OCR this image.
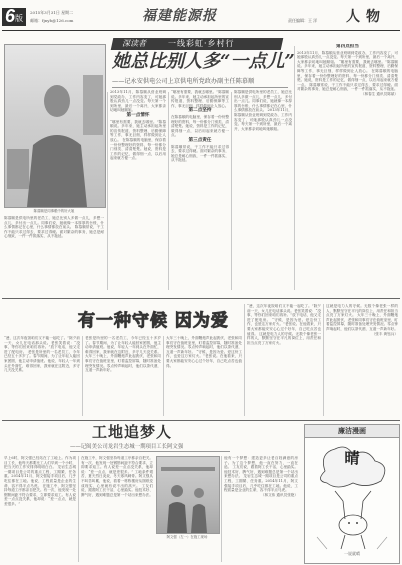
6 版
2015年3月31日 星期二
邮箱：fjnyb@126.com	福建能源报	责任编辑：王 洋 人物
深读者	一线彩虹·乡村行
她总比别人多“一点儿”
——记永安供电公司上京供电所党政办副主任陈慕顺
陈慕顺是同事眼中的好大姐
陈慕顺是供电所里的老员工，她总比别人多做一点儿，多想一点儿，多付出一点儿。同事们说，她就像一本厚厚的台账，什么事情都记在心里，什么事情都放在前头。 陈慕顺常说，干工作不能只求过得去，要求过得硬。面对繁杂的事务，她总是耐心细致，一件一件抓落实，从不拖延。
2013年11月，陈慕顺从营业班调到党政办，工作内容变了，可她那股认真劲儿一点没变。每天第一个到所里，最后一个离开，大家都亲切地叫她顺姐。
第一点情怀
“哪里有需要，我就去哪里。”陈慕顺说。多年来，她主动承担起所里的宣传报道、资料整理、后勤保障等工作，事无巨细，样样做到让人放心。 在陈慕顺的电脑里，保存着一份份整理好的资料，每一份都分门别类、清清楚楚。她说，资料是工作的记忆，做得细一点，以后用起来就方便一点。
“哪里有需要，我就去哪里。”陈慕顺说。多年来，她主动承担起所里的宣传报道、资料整理、后勤保障等工作，事无巨细，样样做到让人放心。
第二点坚持
在陈慕顺的电脑里，保存着一份份整理好的资料，每一份都分门别类、清清楚楚。她说，资料是工作的记忆，做得细一点，以后用起来就方便一点。
第三点责任
陈慕顺常说，干工作不能只求过得去，要求过得硬。面对繁杂的事务，她总是耐心细致，一件一件抓落实，从不拖延。
陈慕顺是供电所里的老员工，她总比别人多做一点儿，多想一点儿，多付出一点儿。同事们说，她就像一本厚厚的台账，什么事情都记在心里，什么事情都放在前头。 2013年11月，陈慕顺从营业班调到党政办，工作内容变了，可她那股认真劲儿一点没变。每天第一个到所里，最后一个离开，大家都亲切地叫她顺姐。
第四点担当
2013年11月，陈慕顺从营业班调到党政办，工作内容变了，可她那股认真劲儿一点没变。每天第一个到所里，最后一个离开，大家都亲切地叫她顺姐。 “哪里有需要，我就去哪里。”陈慕顺说。多年来，她主动承担起所里的宣传报道、资料整理、后勤保障等工作，事无巨细，样样做到让人放心。 在陈慕顺的电脑里，保存着一份份整理好的资料，每一份都分门别类、清清楚楚。她说，资料是工作的记忆，做得细一点，以后用起来就方便一点。 陈慕顺常说，干工作不能只求过得去，要求过得硬。面对繁杂的事务，她总是耐心细致，一件一件抓落实，从不拖延。
（林春生 通讯员陈斌）
有一种守候 因为爱
“爸，这次年夜饭咱们又不能一起吃了。”除夕前一天，女儿在电话那头说。老张笑着说：“没事，等你们回来咱们再补。”放下电话，他又走进了配电房。 老张是所里的一名老员工，今年已经五十多岁了。春节期间，为了让年轻人能回家团圆，他主动申请值班。他说，年轻人一年到头在外面忙，难得回家，我家就在这附近，多守几天没关系。
老张是所里的一名老员工，今年已经五十多岁了。春节期间，为了让年轻人能回家团圆，他主动申请值班。他说，年轻人一年到头在外面忙，难得回家，我家就在这附近，多守几天没关系。 大年三十晚上，外面鞭炮声此起彼伏，老张和同事们守在值班室里，盯着监控屏幕，随时准备处理突发情况。零点钟声响起时，他们以茶代酒，互道一声新年好。
大年三十晚上，外面鞭炮声此起彼伏，老张和同事们守在值班室里，盯着监控屏幕，随时准备处理突发情况。零点钟声响起时，他们以茶代酒，互道一声新年好。 “守候，是因为爱。爱这份工作，也爱这万家灯火。”老张说。在他看来，只要大家都能安安心心过个好年，自己吃点苦也值得。
“爸，这次年夜饭咱们又不能一起吃了。”除夕前一天，女儿在电话那头说。老张笑着说：“没事，等你们回来咱们再补。”放下电话，他又走进了配电房。 “守候，是因为爱。爱这份工作，也爱这万家灯火。”老张说。在他看来，只要大家都能安安心心过个好年，自己吃点苦也值得。 这就是电力人的守候。无数个像老张一样的人，默默坚守在平凡的岗位上，用责任和担当点亮了万家灯火。
这就是电力人的守候。无数个像老张一样的人，默默坚守在平凡的岗位上，用责任和担当点亮了万家灯火。 大年三十晚上，外面鞭炮声此起彼伏，老张和同事们守在值班室里，盯着监控屏幕，随时准备处理突发情况。零点钟声响起时，他们以茶代酒，互道一声新年好。
（张丰 黄钰兵）
工地追梦人
——记闽美公司龙岩生态城一期项目工长阿文强
早上6时，阿文强已经站在了工地上。作为项目工长，他每天都要比工人们早到一个小时，把当天的工作安排得明明白白。 龙岩生态城一期项目是公司的重点工程，工期紧、任务重。2014年11月，阿文强接手项目后，几乎吃住都在工地。他说，工程质量是企业的生命，容不得半点马虎。 在施工中，阿文强坚持每道工序都亲自把关。有一次，他发现一处钢筋间距不符合要求，立即要求返工。有人说差一点点没关系，他却说：“差一点点，就是差很多。”
在施工中，阿文强坚持每道工序都亲自把关。有一次，他发现一处钢筋间距不符合要求，立即要求返工。有人说差一点点没关系，他却说：“差一点点，就是差很多。” 工地条件艰苦，夏天烈日炎炎，冬天寒风刺骨。阿文强从不叫苦叫累，他说，看着一栋栋楼房从图纸变成现实，心里就有说不出的高兴。 工友们说，跟着阿工长干活，心里踏实。他技术好、脾气好，遇到难题总是第一个站出来想办法。
阿文强（左一）在施工现场
他有一个梦想：建造更多让老百姓满意的房子。为了这个梦想，他一直在努力，一直在追。 工友们说，跟着阿工长干活，心里踏实。他技术好、脾气好，遇到难题总是第一个站出来想办法。 龙岩生态城一期项目是公司的重点工程，工期紧、任务重。2014年11月，阿文强接手项目后，几乎吃住都在工地。他说，工程质量是企业的生命，容不得半点马虎。
（林文伟 通讯员张艳）
廉洁漫画
晴
一说就晴
